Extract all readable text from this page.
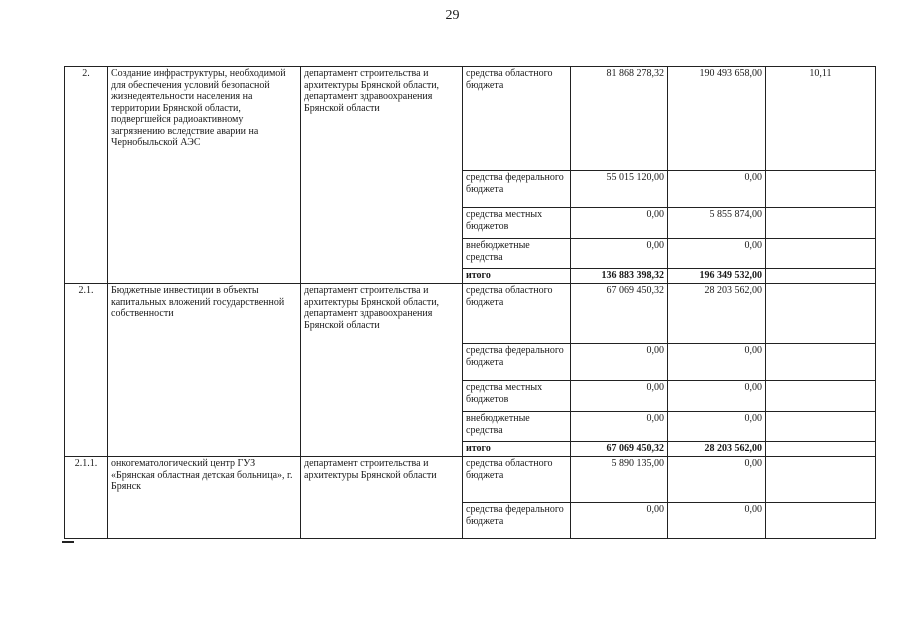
29
2.	Создание инфраструктуры, необходимой для обеспечения условий безопасной жизнедеятельности населения на территории Брянской области, подвергшейся радиоактивному загрязнению вследствие аварии на Чернобыльской АЭС	департамент строительства и архитектуры Брянской области, департамент здравоохранения Брянской области	средства областного бюджета	81 868 278,32	190 493 658,00	10,11
			средства федерального бюджета	55 015 120,00	0,00	
			средства местных бюджетов	0,00	5 855 874,00	
			внебюджетные средства	0,00	0,00	
			итого	136 883 398,32	196 349 532,00	
2.1.	Бюджетные инвестиции в объекты капитальных вложений государственной собственности	департамент строительства и архитектуры Брянской области, департамент здравоохранения Брянской области	средства областного бюджета	67 069 450,32	28 203 562,00	
			средства федерального бюджета	0,00	0,00	
			средства местных бюджетов	0,00	0,00	
			внебюджетные средства	0,00	0,00	
			итого	67 069 450,32	28 203 562,00	
2.1.1.	онкогематологический центр ГУЗ «Брянская областная детская больница», г. Брянск	департамент строительства и архитектуры Брянской области	средства областного бюджета	5 890 135,00	0,00	
			средства федерального бюджета	0,00	0,00	
